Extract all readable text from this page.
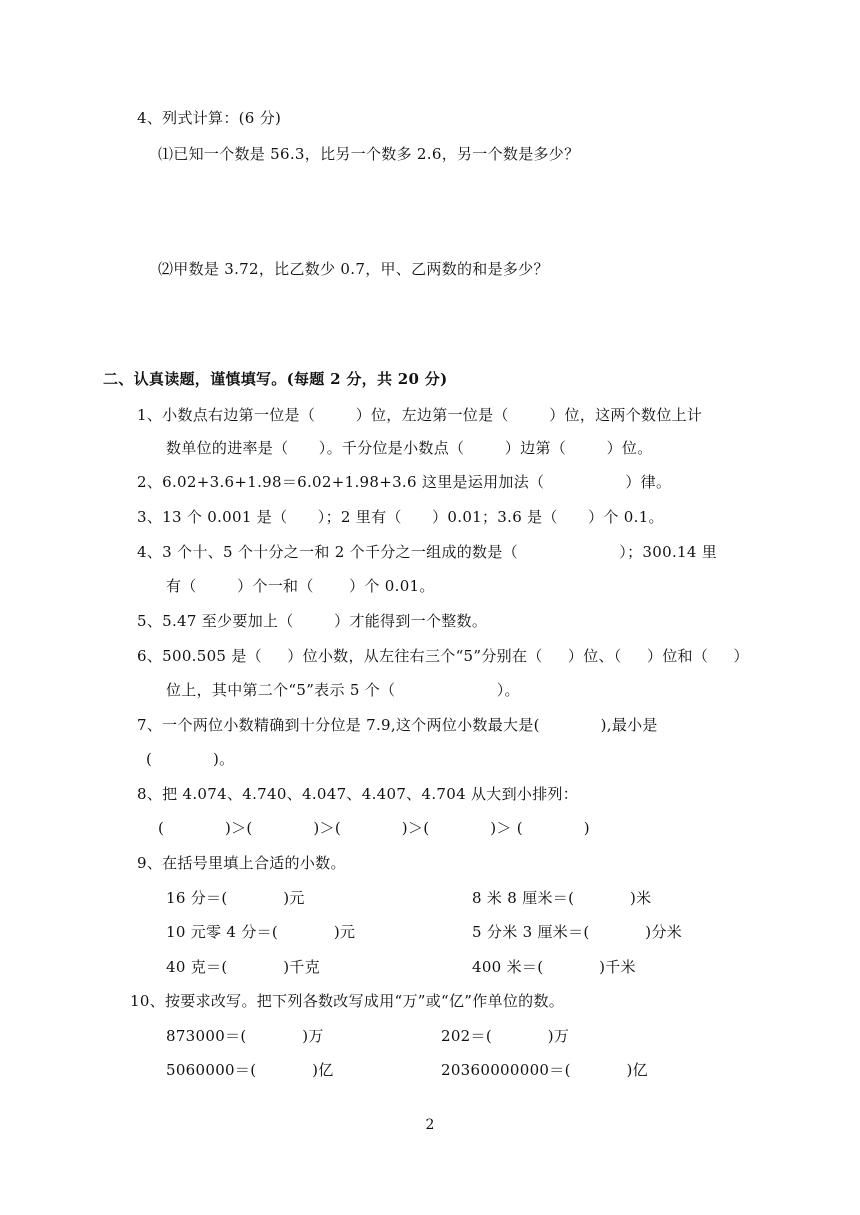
4、列式计算：(6 分)
⑴已知一个数是 56.3，比另一个数多 2.6，另一个数是多少？
⑵甲数是 3.72，比乙数少 0.7，甲、乙两数的和是多少？
二、认真读题，谨慎填写。(每题 2 分，共 20 分)
1、小数点右边第一位是（        ）位，左边第一位是（        ）位，这两个数位上计
数单位的进率是（      ）。千分位是小数点（        ）边第（        ）位。
2、6.02+3.6+1.98＝6.02+1.98+3.6 这里是运用加法（                ）律。
3、13 个 0.001 是（      ）；2 里有（      ）0.01；3.6 是（      ）个 0.1。
4、3 个十、5 个十分之一和 2 个千分之一组成的数是（                    ）；300.14 里
有（        ）个一和（       ）个 0.01。
5、5.47 至少要加上（        ）才能得到一个整数。
6、500.505 是（     ）位小数，从左往右三个“5”分别在（     ）位、（     ）位和（     ）
位上，其中第二个“5”表示 5 个（                    ）。
7、一个两位小数精确到十分位是 7.9,这个两位小数最大是(            ),最小是
(            )。
8、把 4.074、4.740、4.047、4.407、4.704 从大到小排列：
(            )＞(            )＞(            )＞(            )＞ (            )
9、在括号里填上合适的小数。
16 分＝(           )元	8 米 8 厘米＝(           )米
10 元零 4 分＝(           )元	5 分米 3 厘米＝(           )分米
40 克＝(           )千克	400 米＝(           )千米
10、按要求改写。把下列各数改写成用“万”或“亿”作单位的数。
873000＝(           )万	202＝(           )万
5060000＝(           )亿	20360000000＝(           )亿
2
